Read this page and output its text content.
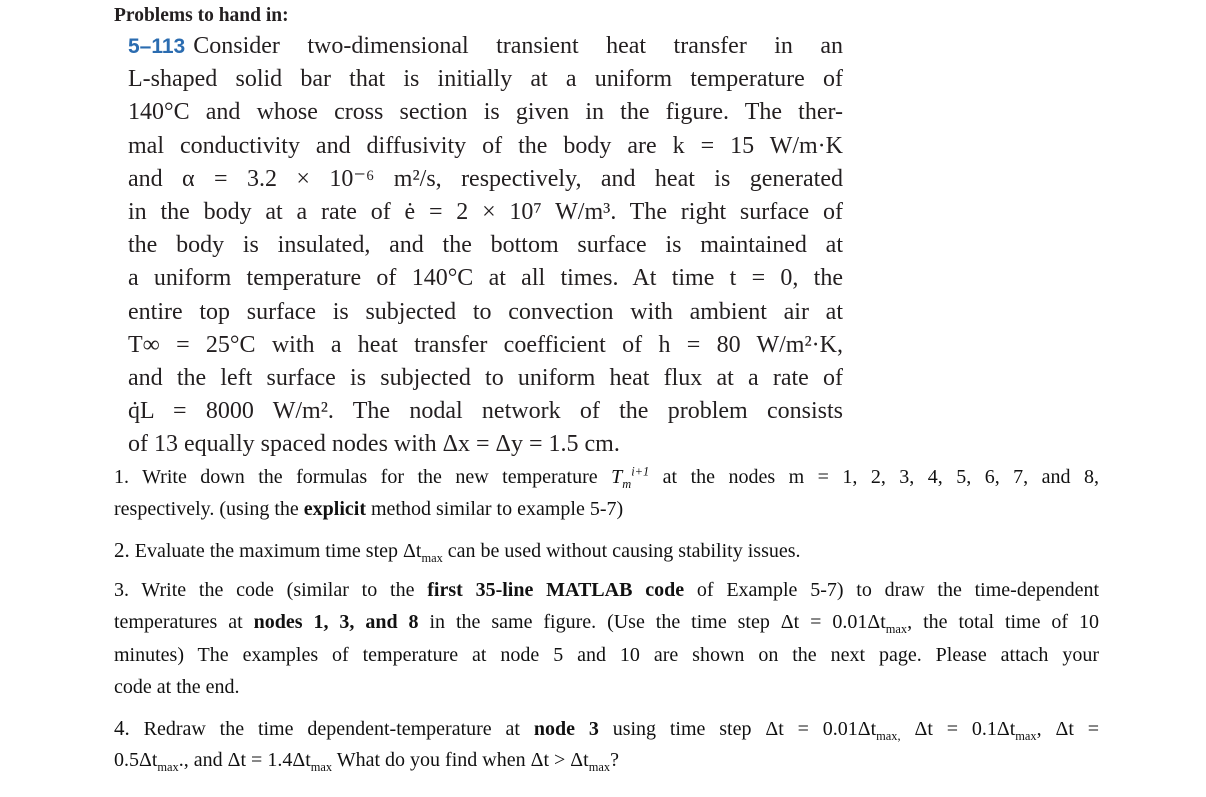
Problems to hand in:
5–113 Consider two-dimensional transient heat transfer in an
L-shaped solid bar that is initially at a uniform temperature of
140°C and whose cross section is given in the figure. The ther-
mal conductivity and diffusivity of the body are k = 15 W/m·K
and α = 3.2 × 10⁻⁶ m²/s, respectively, and heat is generated
in the body at a rate of ė = 2 × 10⁷ W/m³. The right surface of
the body is insulated, and the bottom surface is maintained at
a uniform temperature of 140°C at all times. At time t = 0, the
entire top surface is subjected to convection with ambient air at
T∞ = 25°C with a heat transfer coefficient of h = 80 W/m²·K,
and the left surface is subjected to uniform heat flux at a rate of
q̇L = 8000 W/m². The nodal network of the problem consists
of 13 equally spaced nodes with Δx = Δy = 1.5 cm.
1. Write down the formulas for the new temperature $T_m^{i+1}$ at the nodes m = 1, 2, 3, 4, 5, 6, 7, and 8,
respectively. (using the explicit method similar to example 5-7)
2. Evaluate the maximum time step $\Delta t_{max}$ can be used without causing stability issues.
3. Write the code (similar to the first 35-line MATLAB code of Example 5-7) to draw the time-dependent
temperatures at nodes 1, 3, and 8 in the same figure. (Use the time step $\Delta t = 0.01\Delta t_{max}$, the total time of 10
minutes) The examples of temperature at node 5 and 10 are shown on the next page. Please attach your
code at the end.
4. Redraw the time dependent-temperature at node 3 using time step $\Delta t = 0.01\Delta t_{max,}$ $\Delta t = 0.1\Delta t_{max}$, Δt =
$0.5\Delta t_{max}$., and $\Delta t = 1.4\Delta t_{max}$ What do you find when $\Delta t > \Delta t_{max}$?
